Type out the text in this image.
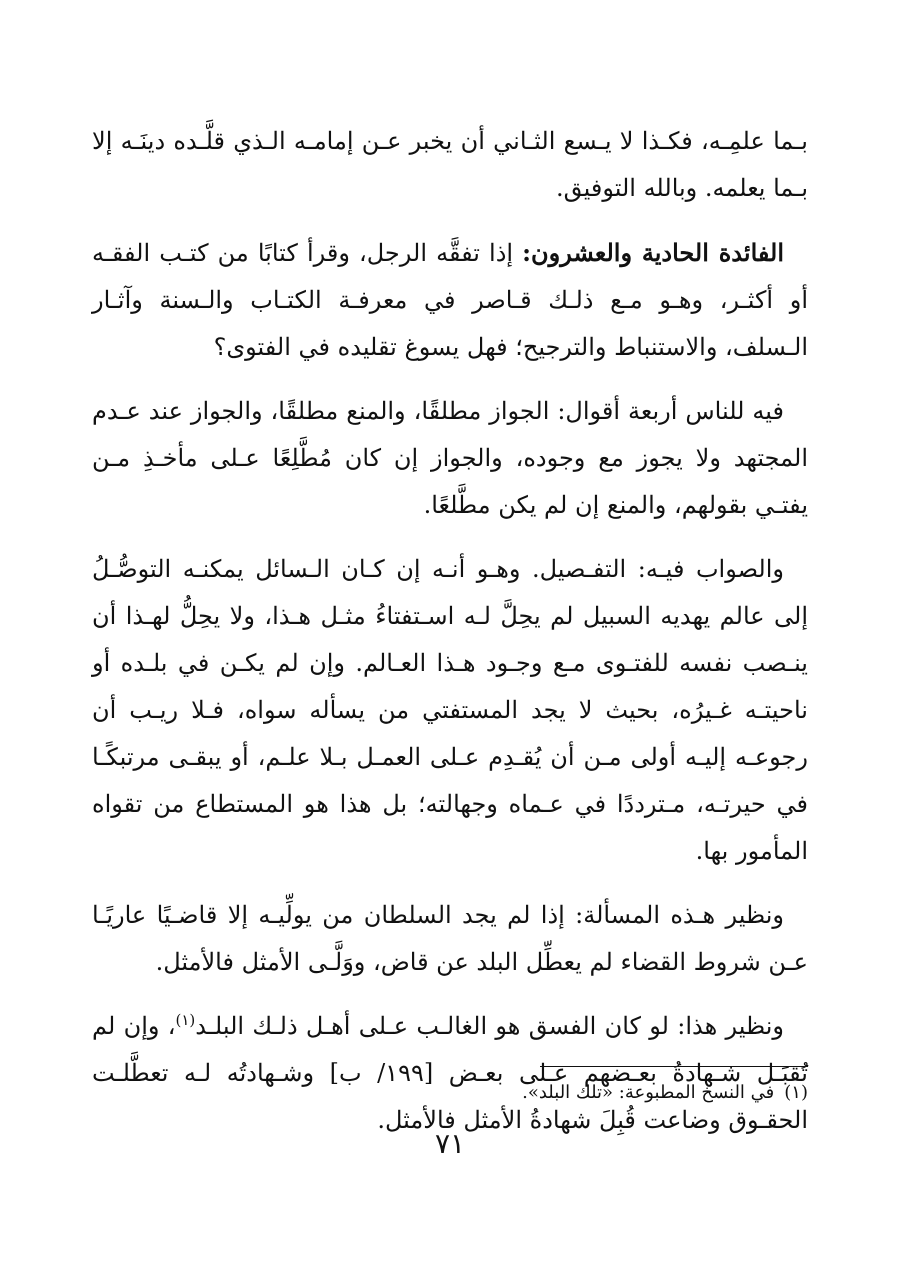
بـما علمِـه، فكـذا لا يـسع الثـاني أن يخبر عـن إمامـه الـذي قلَّـده دينَـه إلا بـما يعلمه. وبالله التوفيق.

الفائدة الحادية والعشرون: إذا تفقَّه الرجل، وقرأ كتابًا من كتـب الفقـه أو أكثـر، وهـو مـع ذلـك قـاصر في معرفـة الكتـاب والـسنة وآثـار الـسلف، والاستنباط والترجيح؛ فهل يسوغ تقليده في الفتوى؟

فيه للناس أربعة أقوال: الجواز مطلقًا، والمنع مطلقًا، والجواز عند عـدم المجتهد ولا يجوز مع وجوده، والجواز إن كان مُطَّلِعًا عـلى مأخـذِ مـن يفتـي بقولهم، والمنع إن لم يكن مطَّلعًا.

والصواب فيـه: التفـصيل. وهـو أنـه إن كـان الـسائل يمكنـه التوصُّـلُ إلى عالم يهديه السبيل لم يحِلَّ لـه اسـتفتاءُ مثـل هـذا، ولا يحِلُّ لهـذا أن ينـصب نفسه للفتـوى مـع وجـود هـذا العـالم. وإن لم يكـن في بلـده أو ناحيتـه غـيرُه، بحيث لا يجد المستفتي من يسأله سواه، فـلا ريـب أن رجوعـه إليـه أولى مـن أن يُقـدِم عـلى العمـل بـلا علـم، أو يبقـى مرتبكًـا في حيرتـه، مـترددًا في عـماه وجهالته؛ بل هذا هو المستطاع من تقواه المأمور بها.

ونظير هـذه المسألة: إذا لم يجد السلطان من يولِّيـه إلا قاضـيًا عاريًـا عـن شروط القضاء لم يعطِّل البلد عن قاض، ووَلَّـى الأمثل فالأمثل.

ونظير هذا: لو كان الفسق هو الغالـب عـلى أهـل ذلـك البلـد$^{(١)}$، وإن لم تُقبَـل شـهادةُ بعـضهم عـلى بعـض [١٩٩/ ب] وشـهادتُه لـه تعطَّلـت الحقـوق وضاعت قُبِلَ شهادةُ الأمثل فالأمثل.

(١)في النسخ المطبوعة: «تلك البلد».
٧١
